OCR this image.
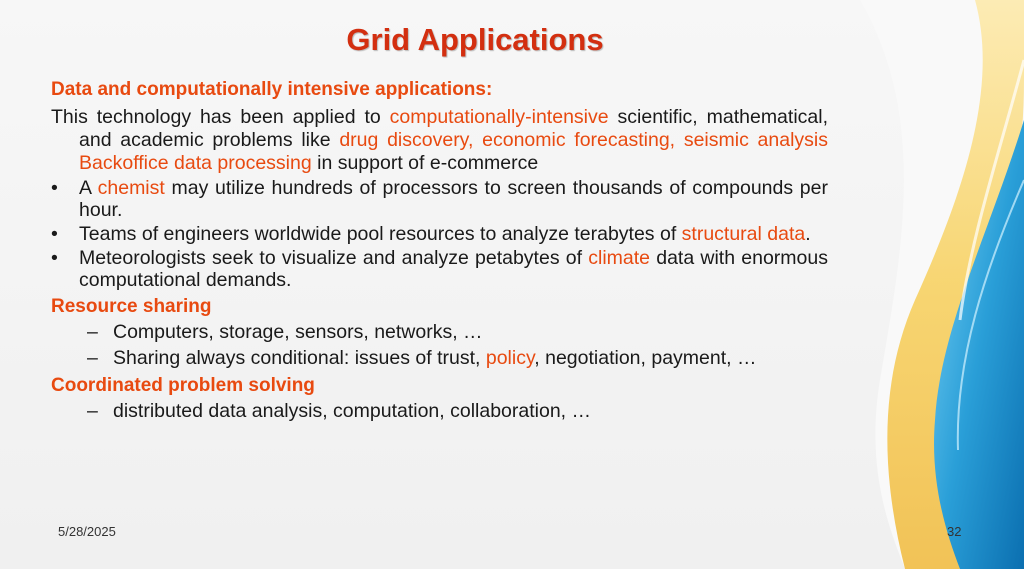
Grid Applications
Data and computationally intensive applications:
This technology has been applied to computationally-intensive scientific, mathematical, and academic problems like drug discovery, economic forecasting, seismic analysis Backoffice data processing in support of e-commerce
• A chemist may utilize hundreds of processors to screen thousands of compounds per hour.
• Teams of engineers worldwide pool resources to analyze terabytes of structural data.
• Meteorologists seek to visualize and analyze petabytes of climate data with enormous computational demands.
Resource sharing
– Computers, storage, sensors, networks, …
– Sharing always conditional: issues of trust, policy, negotiation, payment, …
Coordinated problem solving
– distributed data analysis, computation, collaboration, …
5/28/2025	32
